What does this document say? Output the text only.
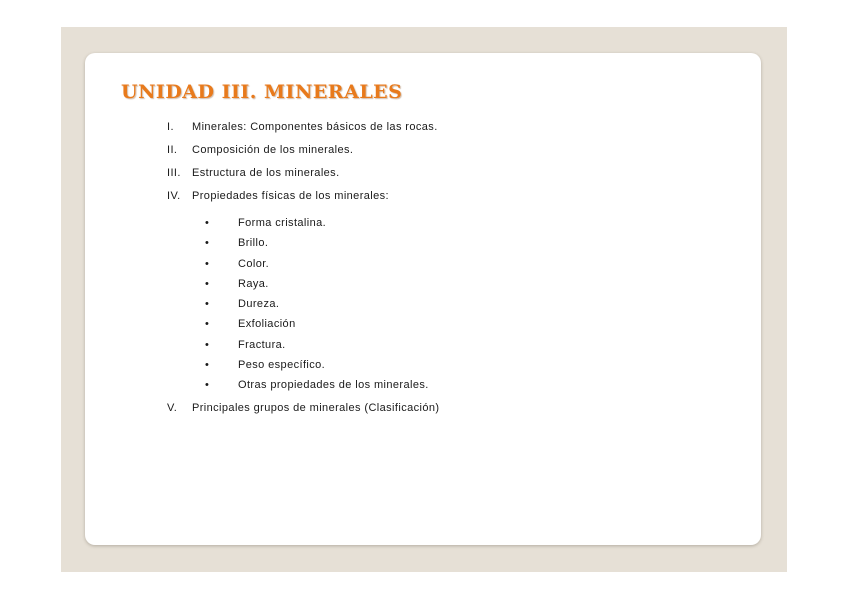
UNIDAD III. MINERALES
I. Minerales: Componentes básicos de las rocas.
II. Composición de los minerales.
III. Estructura de los minerales.
IV. Propiedades físicas de los minerales:
•	Forma cristalina.
•	Brillo.
•	Color.
•	Raya.
•	Dureza.
•	Exfoliación
•	Fractura.
•	Peso específico.
•	Otras propiedades de los minerales.
V. Principales grupos de minerales (Clasificación)
